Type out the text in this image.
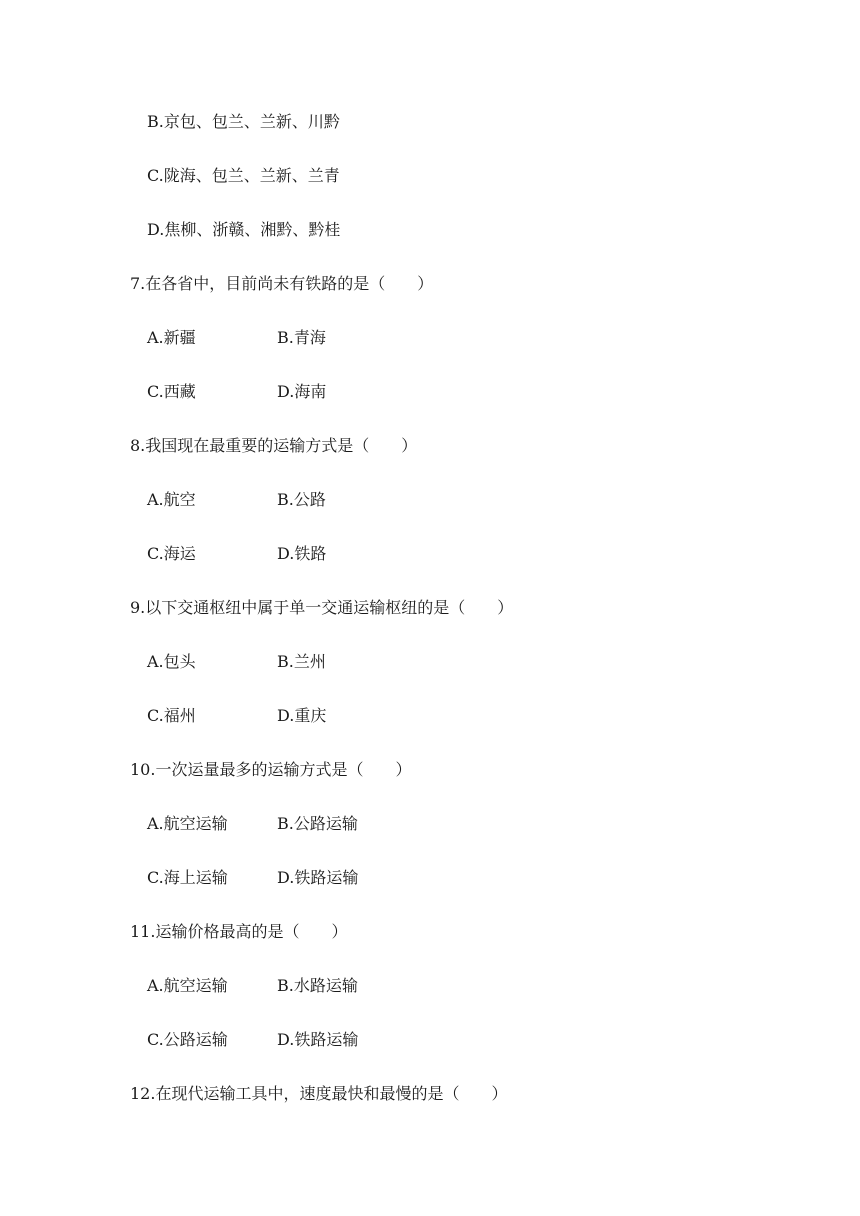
B.京包、包兰、兰新、川黔
C.陇海、包兰、兰新、兰青
D.焦柳、浙赣、湘黔、黔桂
7.在各省中，目前尚未有铁路的是（　　）
A.新疆	B.青海
C.西藏	D.海南
8.我国现在最重要的运输方式是（　　）
A.航空	B.公路
C.海运	D.铁路
9.以下交通枢纽中属于单一交通运输枢纽的是（　　）
A.包头	B.兰州
C.福州	D.重庆
10.一次运量最多的运输方式是（　　）
A.航空运输	B.公路运输
C.海上运输	D.铁路运输
11.运输价格最高的是（　　）
A.航空运输	B.水路运输
C.公路运输	D.铁路运输
12.在现代运输工具中，速度最快和最慢的是（　　）
